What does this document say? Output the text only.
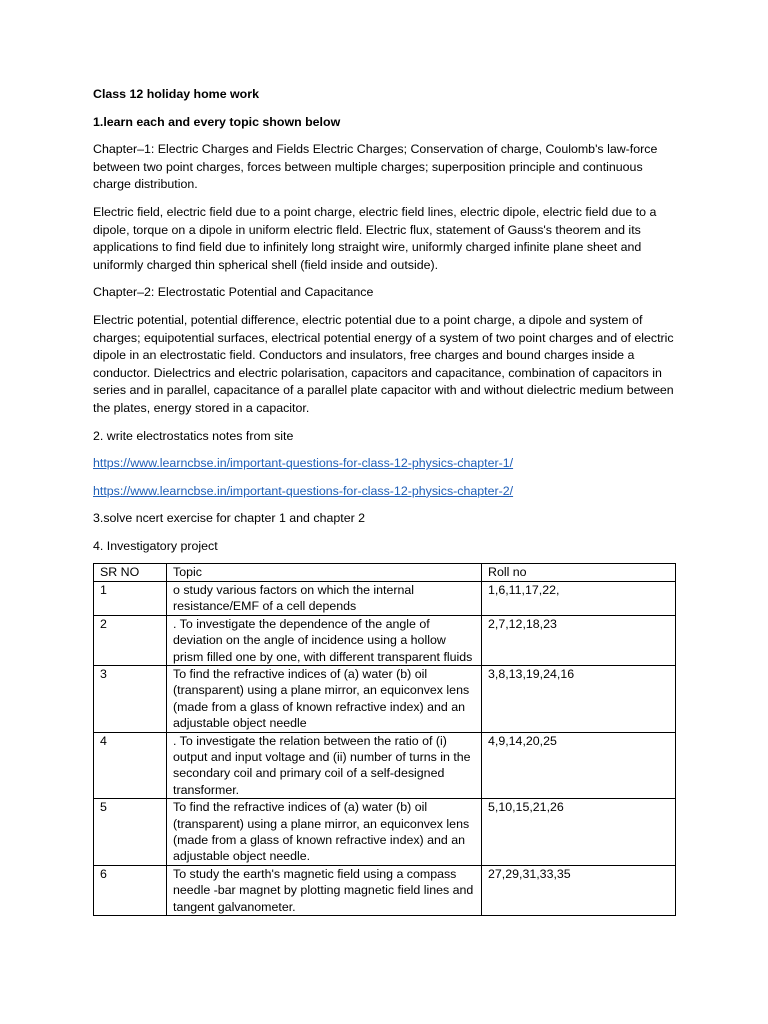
Class 12 holiday home work
1.learn each and every topic shown below

Chapter–1: Electric Charges and Fields Electric Charges; Conservation of charge, Coulomb's law-force between two point charges, forces between multiple charges; superposition principle and continuous charge distribution.

Electric field, electric field due to a point charge, electric field lines, electric dipole, electric field due to a dipole, torque on a dipole in uniform electric fleld. Electric flux, statement of Gauss's theorem and its applications to find field due to infinitely long straight wire, uniformly charged infinite plane sheet and uniformly charged thin spherical shell (field inside and outside).

Chapter–2: Electrostatic Potential and Capacitance

Electric potential, potential difference, electric potential due to a point charge, a dipole and system of charges; equipotential surfaces, electrical potential energy of a system of two point charges and of electric dipole in an electrostatic field. Conductors and insulators, free charges and bound charges inside a conductor. Dielectrics and electric polarisation, capacitors and capacitance, combination of capacitors in series and in parallel, capacitance of a parallel plate capacitor with and without dielectric medium between the plates, energy stored in a capacitor.

2. write electrostatics notes from site

https://www.learncbse.in/important-questions-for-class-12-physics-chapter-1/

https://www.learncbse.in/important-questions-for-class-12-physics-chapter-2/

3.solve ncert exercise for chapter 1 and chapter 2

4. Investigatory project

SR NO	Topic	Roll no
1	o study various factors on which the internal resistance/EMF of a cell depends	1,6,11,17,22,
2	. To investigate the dependence of the angle of deviation on the angle of incidence using a hollow prism filled one by one, with different transparent fluids	2,7,12,18,23
3	To find the refractive indices of (a) water (b) oil (transparent) using a plane mirror, an equiconvex lens (made from a glass of known refractive index) and an adjustable object needle	3,8,13,19,24,16
4	. To investigate the relation between the ratio of (i) output and input voltage and (ii) number of turns in the secondary coil and primary coil of a self-designed transformer.	4,9,14,20,25
5	To find the refractive indices of (a) water (b) oil (transparent) using a plane mirror, an equiconvex lens (made from a glass of known refractive index) and an adjustable object needle.	5,10,15,21,26
6	To study the earth's magnetic field using a compass needle -bar magnet by plotting magnetic field lines and tangent galvanometer.	27,29,31,33,35
